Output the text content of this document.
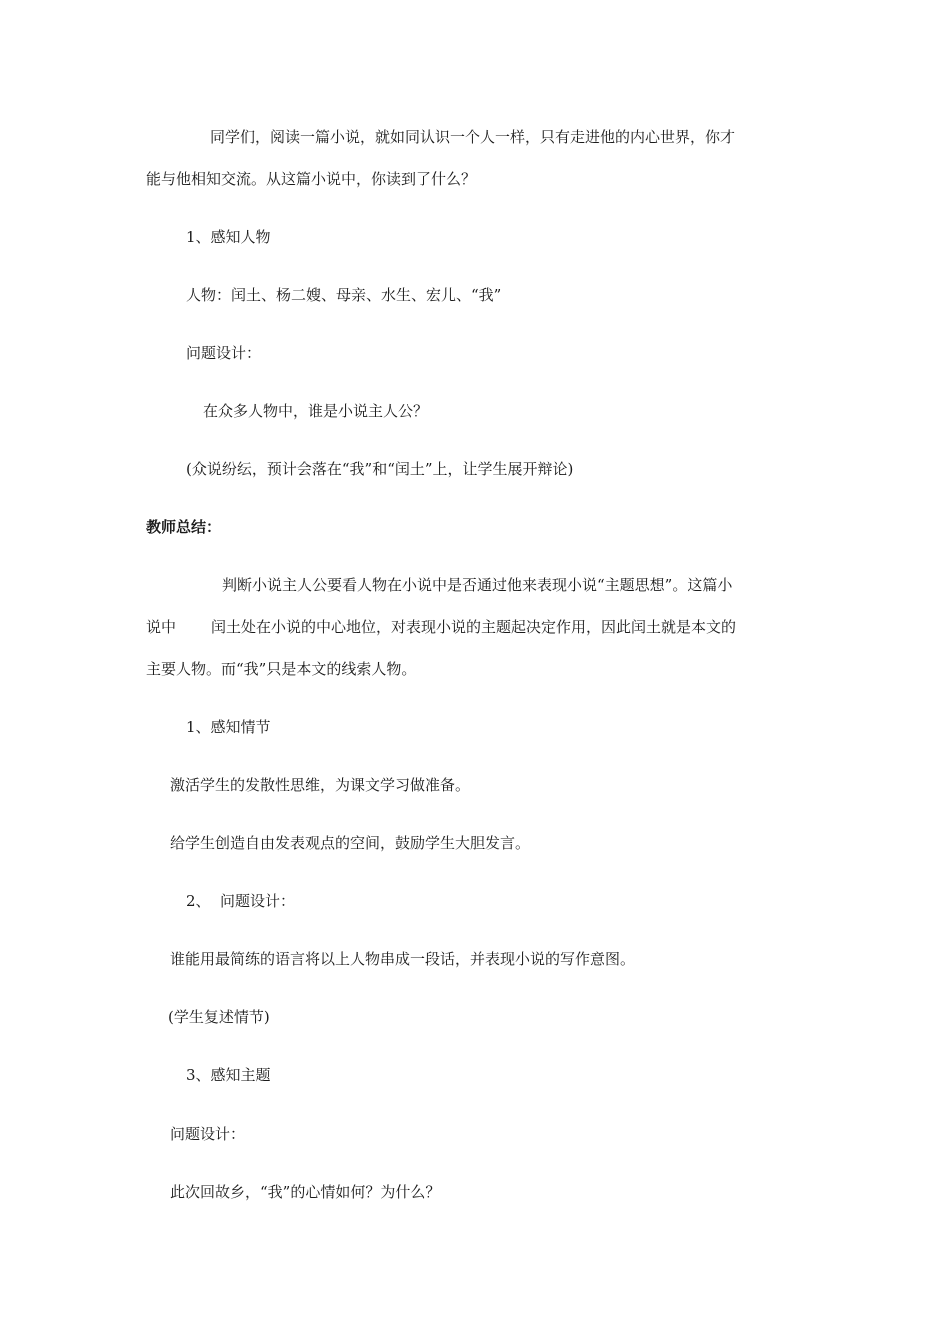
同学们，阅读一篇小说，就如同认识一个人一样，只有走进他的内心世界，你才

能与他相知交流。从这篇小说中，你读到了什么？

1、感知人物

人物：闰土、杨二嫂、母亲、水生、宏儿、“我”

问题设计：

在众多人物中，谁是小说主人公？

(众说纷纭，预计会落在“我”和“闰土”上，让学生展开辩论)

教师总结：

判断小说主人公要看人物在小说中是否通过他来表现小说“主题思想”。这篇小

说中 闰土处在小说的中心地位，对表现小说的主题起决定作用，因此闰土就是本文的

主要人物。而“我”只是本文的线索人物。

1、感知情节

激活学生的发散性思维，为课文学习做准备。

给学生创造自由发表观点的空间，鼓励学生大胆发言。

2、 问题设计：

谁能用最简练的语言将以上人物串成一段话，并表现小说的写作意图。

(学生复述情节)

3、感知主题

问题设计：

此次回故乡，“我”的心情如何？为什么？
